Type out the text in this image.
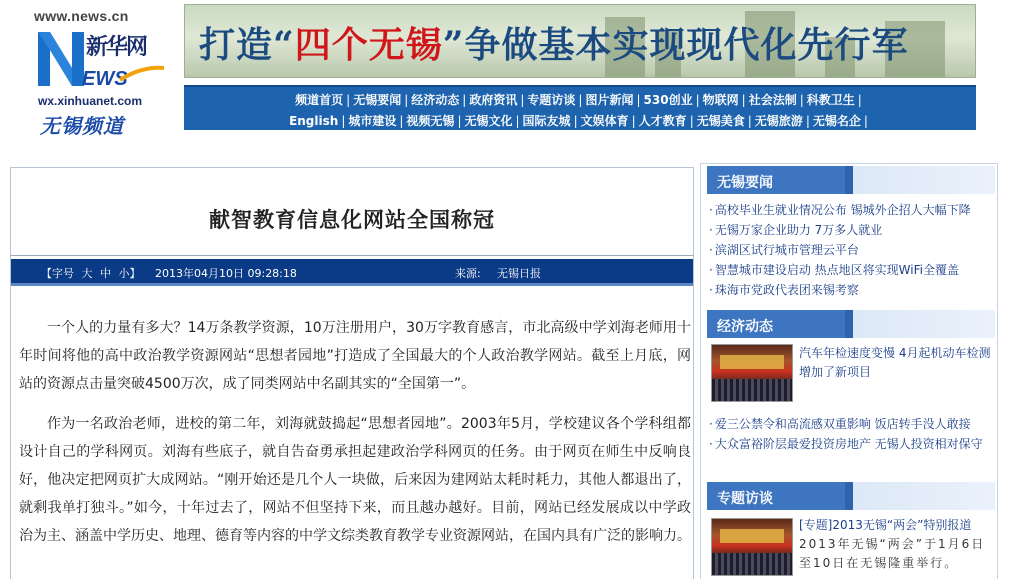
www.news.cn
新华网
EWS
wx.xinhuanet.com
无锡频道
打造“四个无锡”争做基本实现现代化先行军
频道首页 | 无锡要闻 | 经济动态 | 政府资讯 | 专题访谈 | 图片新闻 | 530创业 | 物联网 | 社会法制 | 科教卫生 |
English | 城市建设 | 视频无锡 | 无锡文化 | 国际友城 | 文娱体育 | 人才教育 | 无锡美食 | 无锡旅游 | 无锡名企 |
献智教育信息化网站全国称冠
【字号 大 中 小】	2013年04月10日 09:28:18	来源: 无锡日报

一个人的力量有多大？14万条教学资源，10万注册用户，30万字教育感言，市北高级中学刘海老师用十年时间将他的高中政治教学资源网站“思想者园地”打造成了全国最大的个人政治教学网站。截至上月底，网站的资源点击量突破4500万次，成了同类网站中名副其实的“全国第一”。

作为一名政治老师，进校的第二年，刘海就鼓捣起“思想者园地”。2003年5月，学校建议各个学科组都设计自己的学科网页。刘海有些底子，就自告奋勇承担起建政治学科网页的任务。由于网页在师生中反响良好，他决定把网页扩大成网站。“刚开始还是几个人一块做，后来因为建网站太耗时耗力，其他人都退出了，就剩我单打独斗。”如今，十年过去了，网站不但坚持下来，而且越办越好。目前，网站已经发展成以中学政治为主、涵盖中学历史、地理、德育等内容的中学文综类教育教学专业资源网站，在国内具有广泛的影响力。

无锡要闻
· 高校毕业生就业情况公布 锡城外企招人大幅下降
· 无锡万家企业助力 7万多人就业
· 滨湖区试行城市管理云平台
· 智慧城市建设启动 热点地区将实现WiFi全覆盖
· 珠海市党政代表团来锡考察
经济动态
汽车年检速度变慢 4月起机动车检测增加了新项目
· 爱三公禁令和高流感双重影响 饭店转手没人敢接
· 大众富裕阶层最爱投资房地产 无锡人投资相对保守
专题访谈
[专题]2013无锡“两会”特别报道
2013年无锡“两会”于1月6日至10日在无锡隆重举行。
